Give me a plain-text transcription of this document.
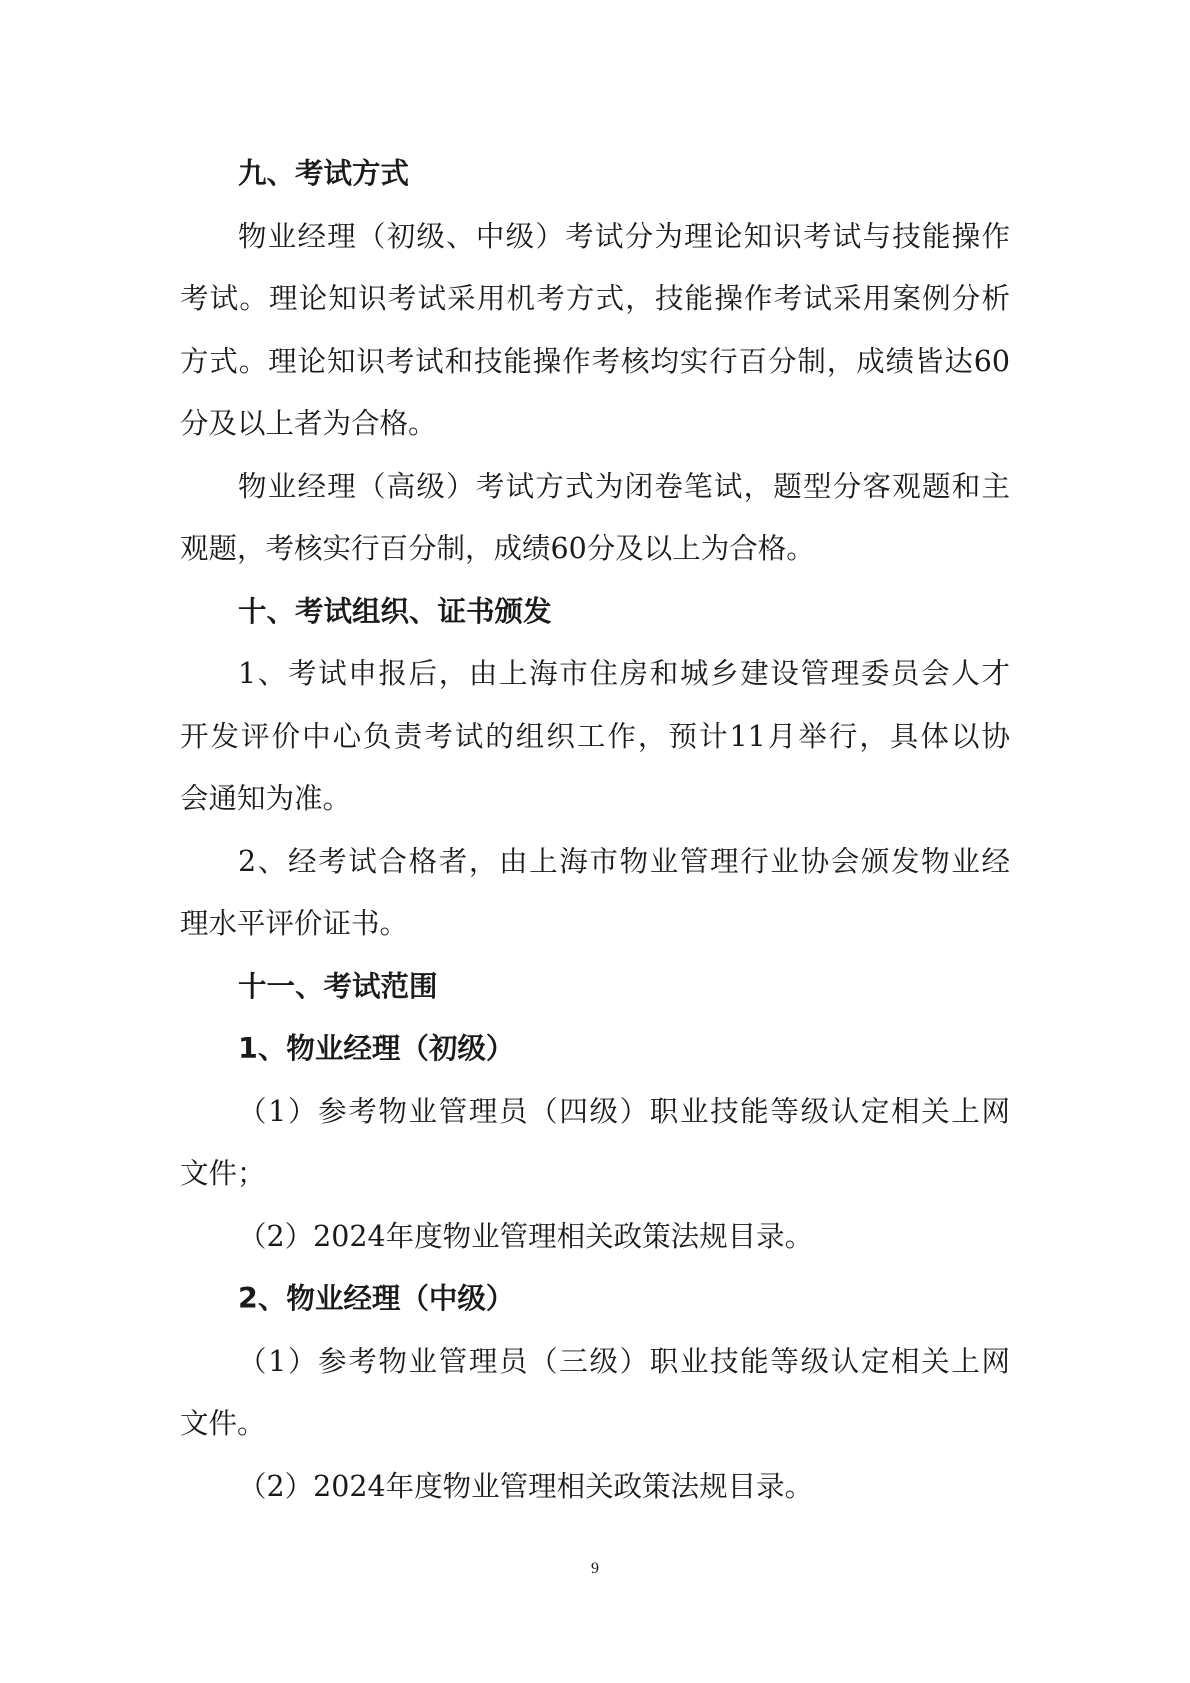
九、考试方式
物业经理（初级、中级）考试分为理论知识考试与技能操作
考试。理论知识考试采用机考方式，技能操作考试采用案例分析
方式。理论知识考试和技能操作考核均实行百分制，成绩皆达60
分及以上者为合格。
物业经理（高级）考试方式为闭卷笔试，题型分客观题和主
观题，考核实行百分制，成绩60分及以上为合格。
十、考试组织、证书颁发
1、考试申报后，由上海市住房和城乡建设管理委员会人才
开发评价中心负责考试的组织工作，预计11月举行，具体以协
会通知为准。
2、经考试合格者，由上海市物业管理行业协会颁发物业经
理水平评价证书。
十一、考试范围
1、物业经理（初级）
（1）参考物业管理员（四级）职业技能等级认定相关上网
文件；
（2）2024年度物业管理相关政策法规目录。
2、物业经理（中级）
（1）参考物业管理员（三级）职业技能等级认定相关上网
文件。
（2）2024年度物业管理相关政策法规目录。
9
